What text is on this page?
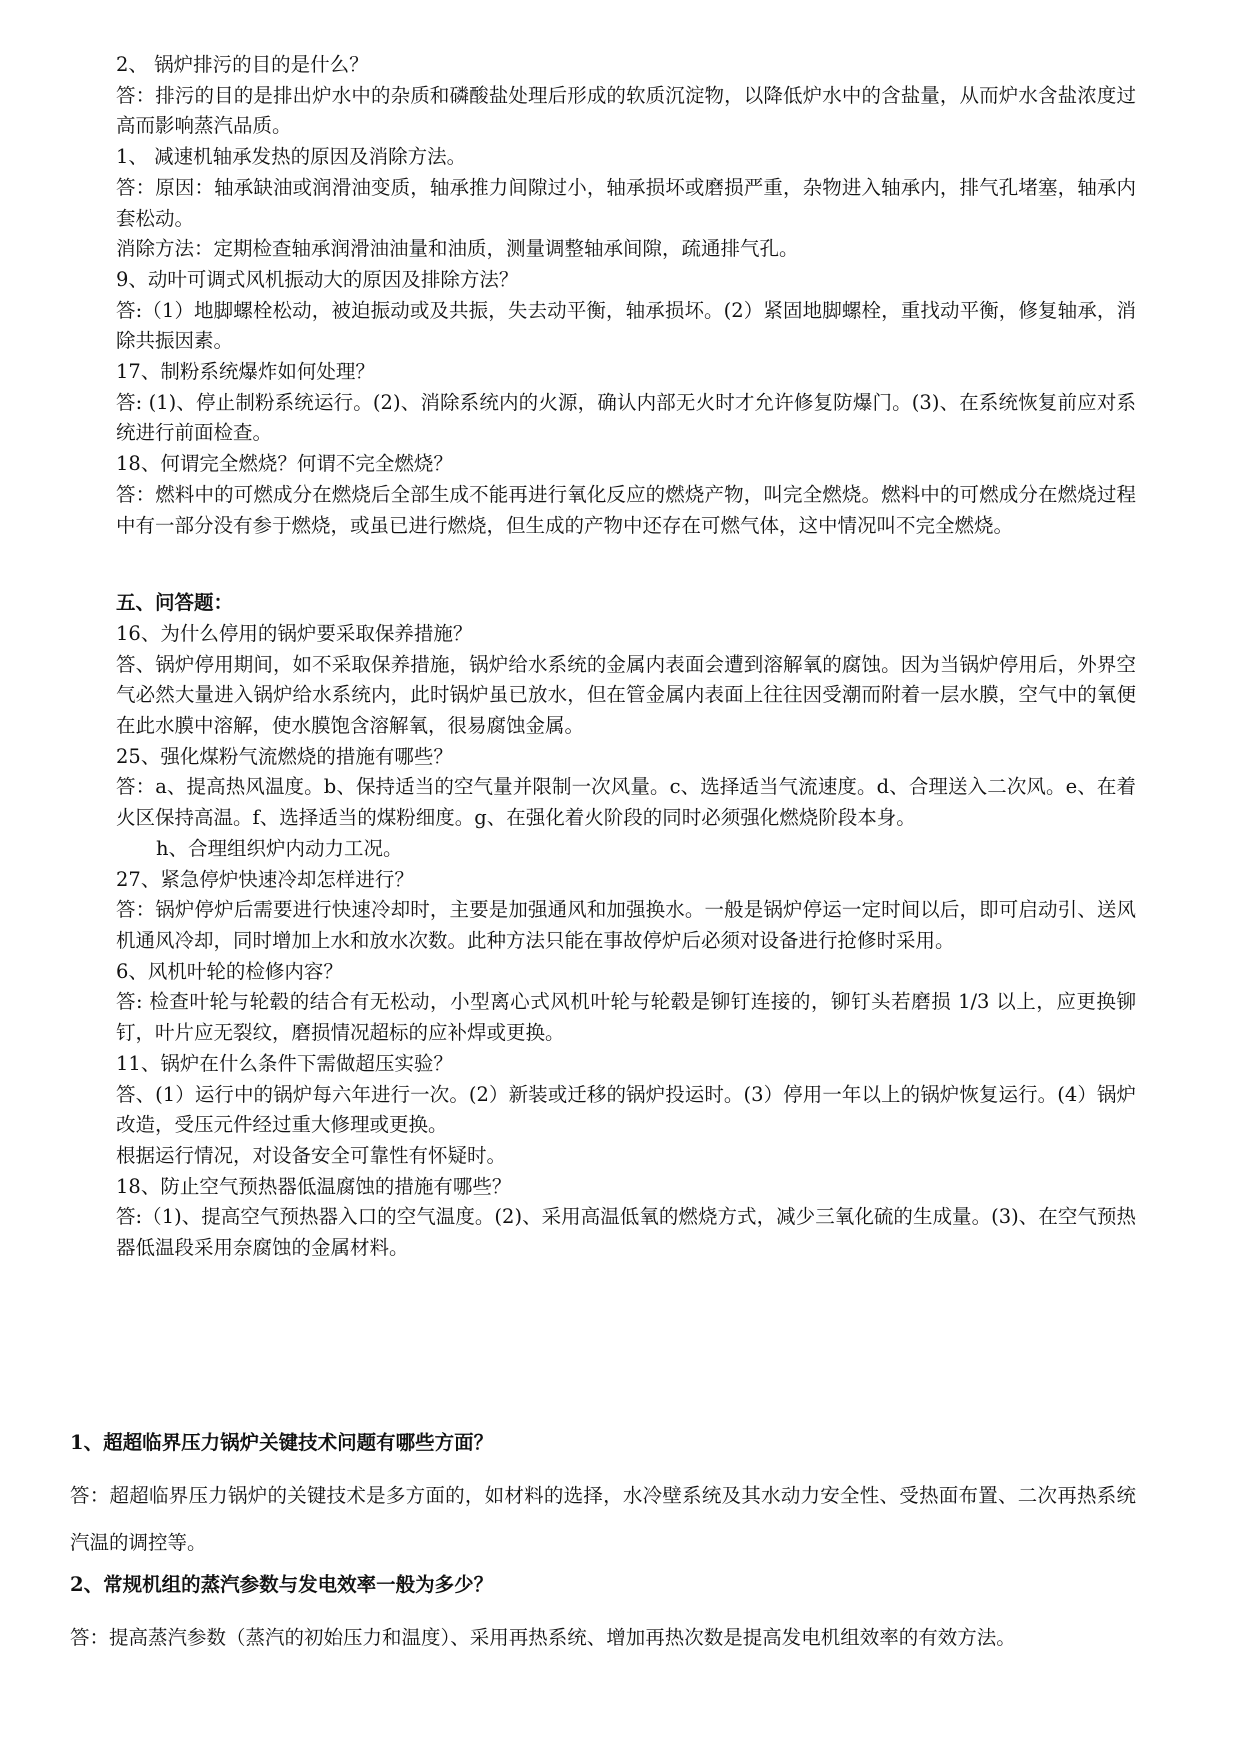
2、 锅炉排污的目的是什么？

答：排污的目的是排出炉水中的杂质和磷酸盐处理后形成的软质沉淀物，以降低炉水中的含盐量，从而炉水含盐浓度过高而影响蒸汽品质。

1、 减速机轴承发热的原因及消除方法。

答：原因：轴承缺油或润滑油变质，轴承推力间隙过小，轴承损坏或磨损严重，杂物进入轴承内，排气孔堵塞，轴承内套松动。

消除方法：定期检查轴承润滑油油量和油质，测量调整轴承间隙，疏通排气孔。

9、动叶可调式风机振动大的原因及排除方法？

答:（1）地脚螺栓松动，被迫振动或及共振，失去动平衡，轴承损坏。(2）紧固地脚螺栓，重找动平衡，修复轴承，消除共振因素。

17、制粉系统爆炸如何处理？

答: (1)、停止制粉系统运行。(2)、消除系统内的火源，确认内部无火时才允许修复防爆门。(3)、在系统恢复前应对系统进行前面检查。

18、何谓完全燃烧？何谓不完全燃烧？

答：燃料中的可燃成分在燃烧后全部生成不能再进行氧化反应的燃烧产物，叫完全燃烧。燃料中的可燃成分在燃烧过程中有一部分没有参于燃烧，或虽已进行燃烧，但生成的产物中还存在可燃气体，这中情况叫不完全燃烧。

五、问答题：

16、为什么停用的锅炉要采取保养措施？

答、锅炉停用期间，如不采取保养措施，锅炉给水系统的金属内表面会遭到溶解氧的腐蚀。因为当锅炉停用后，外界空气必然大量进入锅炉给水系统内，此时锅炉虽已放水，但在管金属内表面上往往因受潮而附着一层水膜，空气中的氧便在此水膜中溶解，使水膜饱含溶解氧，很易腐蚀金属。

25、强化煤粉气流燃烧的措施有哪些？

答：a、提高热风温度。b、保持适当的空气量并限制一次风量。c、选择适当气流速度。d、合理送入二次风。e、在着火区保持高温。f、选择适当的煤粉细度。g、在强化着火阶段的同时必须强化燃烧阶段本身。

h、合理组织炉内动力工况。

27、紧急停炉快速冷却怎样进行？

答：锅炉停炉后需要进行快速冷却时，主要是加强通风和加强换水。一般是锅炉停运一定时间以后，即可启动引、送风机通风冷却，同时增加上水和放水次数。此种方法只能在事故停炉后必须对设备进行抢修时采用。

6、风机叶轮的检修内容？

答: 检查叶轮与轮毂的结合有无松动，小型离心式风机叶轮与轮毂是铆钉连接的，铆钉头若磨损 1/3 以上，应更换铆钉，叶片应无裂纹，磨损情况超标的应补焊或更换。

11、锅炉在什么条件下需做超压实验？

答、(1）运行中的锅炉每六年进行一次。(2）新装或迁移的锅炉投运时。(3）停用一年以上的锅炉恢复运行。(4）锅炉改造，受压元件经过重大修理或更换。

根据运行情况，对设备安全可靠性有怀疑时。

18、防止空气预热器低温腐蚀的措施有哪些？

答:（1)、提高空气预热器入口的空气温度。(2)、采用高温低氧的燃烧方式，减少三氧化硫的生成量。(3)、在空气预热器低温段采用奈腐蚀的金属材料。

1、超超临界压力锅炉关键技术问题有哪些方面？

答：超超临界压力锅炉的关键技术是多方面的，如材料的选择，水冷壁系统及其水动力安全性、受热面布置、二次再热系统汽温的调控等。

2、常规机组的蒸汽参数与发电效率一般为多少？

答：提高蒸汽参数（蒸汽的初始压力和温度）、采用再热系统、增加再热次数是提高发电机组效率的有效方法。
